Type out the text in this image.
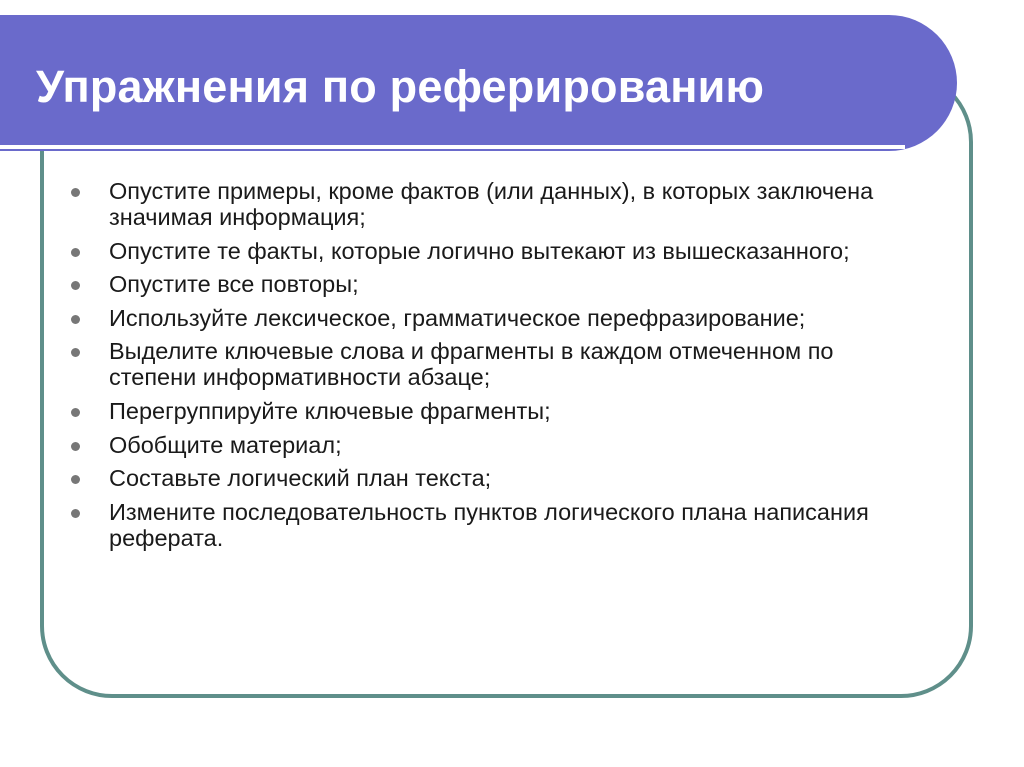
Упражнения по реферированию
Опустите примеры, кроме фактов (или данных), в которых заключена значимая информация;
Опустите те факты, которые логично вытекают из вышесказанного;
Опустите все повторы;
Используйте лексическое, грамматическое перефразирование;
Выделите ключевые слова и фрагменты в каждом отмеченном по степени информативности абзаце;
Перегруппируйте ключевые фрагменты;
Обобщите материал;
Составьте логический план текста;
Измените последовательность пунктов логического плана написания реферата.
